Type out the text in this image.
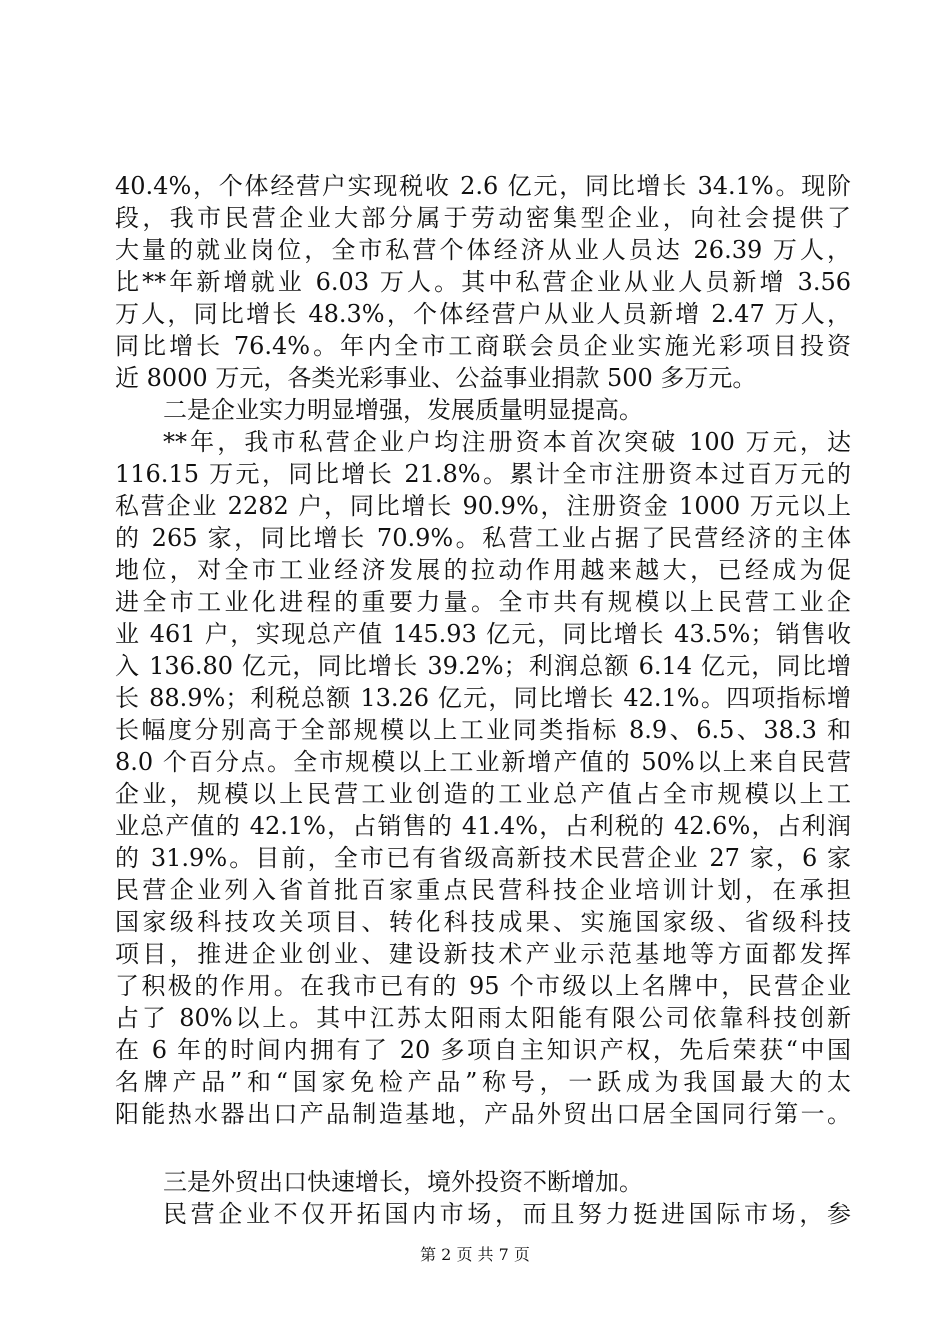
40.4%，个体经营户实现税收 2.6 亿元，同比增长 34.1%。现阶
段，我市民营企业大部分属于劳动密集型企业，向社会提供了
大量的就业岗位，全市私营个体经济从业人员达 26.39 万人，
比**年新增就业 6.03 万人。其中私营企业从业人员新增 3.56
万人，同比增长 48.3%，个体经营户从业人员新增 2.47 万人，
同比增长 76.4%。年内全市工商联会员企业实施光彩项目投资
近 8000 万元，各类光彩事业、公益事业捐款 500 多万元。
二是企业实力明显增强，发展质量明显提高。
**年，我市私营企业户均注册资本首次突破 100 万元，达
116.15 万元，同比增长 21.8%。累计全市注册资本过百万元的
私营企业 2282 户，同比增长 90.9%，注册资金 1000 万元以上
的 265 家，同比增长 70.9%。私营工业占据了民营经济的主体
地位，对全市工业经济发展的拉动作用越来越大，已经成为促
进全市工业化进程的重要力量。全市共有规模以上民营工业企
业 461 户，实现总产值 145.93 亿元，同比增长 43.5%；销售收
入 136.80 亿元，同比增长 39.2%；利润总额 6.14 亿元，同比增
长 88.9%；利税总额 13.26 亿元，同比增长 42.1%。四项指标增
长幅度分别高于全部规模以上工业同类指标 8.9、6.5、38.3 和
8.0 个百分点。全市规模以上工业新增产值的 50%以上来自民营
企业，规模以上民营工业创造的工业总产值占全市规模以上工
业总产值的 42.1%，占销售的 41.4%，占利税的 42.6%，占利润
的 31.9%。目前，全市已有省级高新技术民营企业 27 家，6 家
民营企业列入省首批百家重点民营科技企业培训计划，在承担
国家级科技攻关项目、转化科技成果、实施国家级、省级科技
项目，推进企业创业、建设新技术产业示范基地等方面都发挥
了积极的作用。在我市已有的 95 个市级以上名牌中，民营企业
占了 80%以上。其中江苏太阳雨太阳能有限公司依靠科技创新
在 6 年的时间内拥有了 20 多项自主知识产权，先后荣获“中国
名牌产品”和“国家免检产品”称号，一跃成为我国最大的太
阳能热水器出口产品制造基地，产品外贸出口居全国同行第一。
三是外贸出口快速增长，境外投资不断增加。
民营企业不仅开拓国内市场，而且努力挺进国际市场，参
第 2 页 共 7 页
